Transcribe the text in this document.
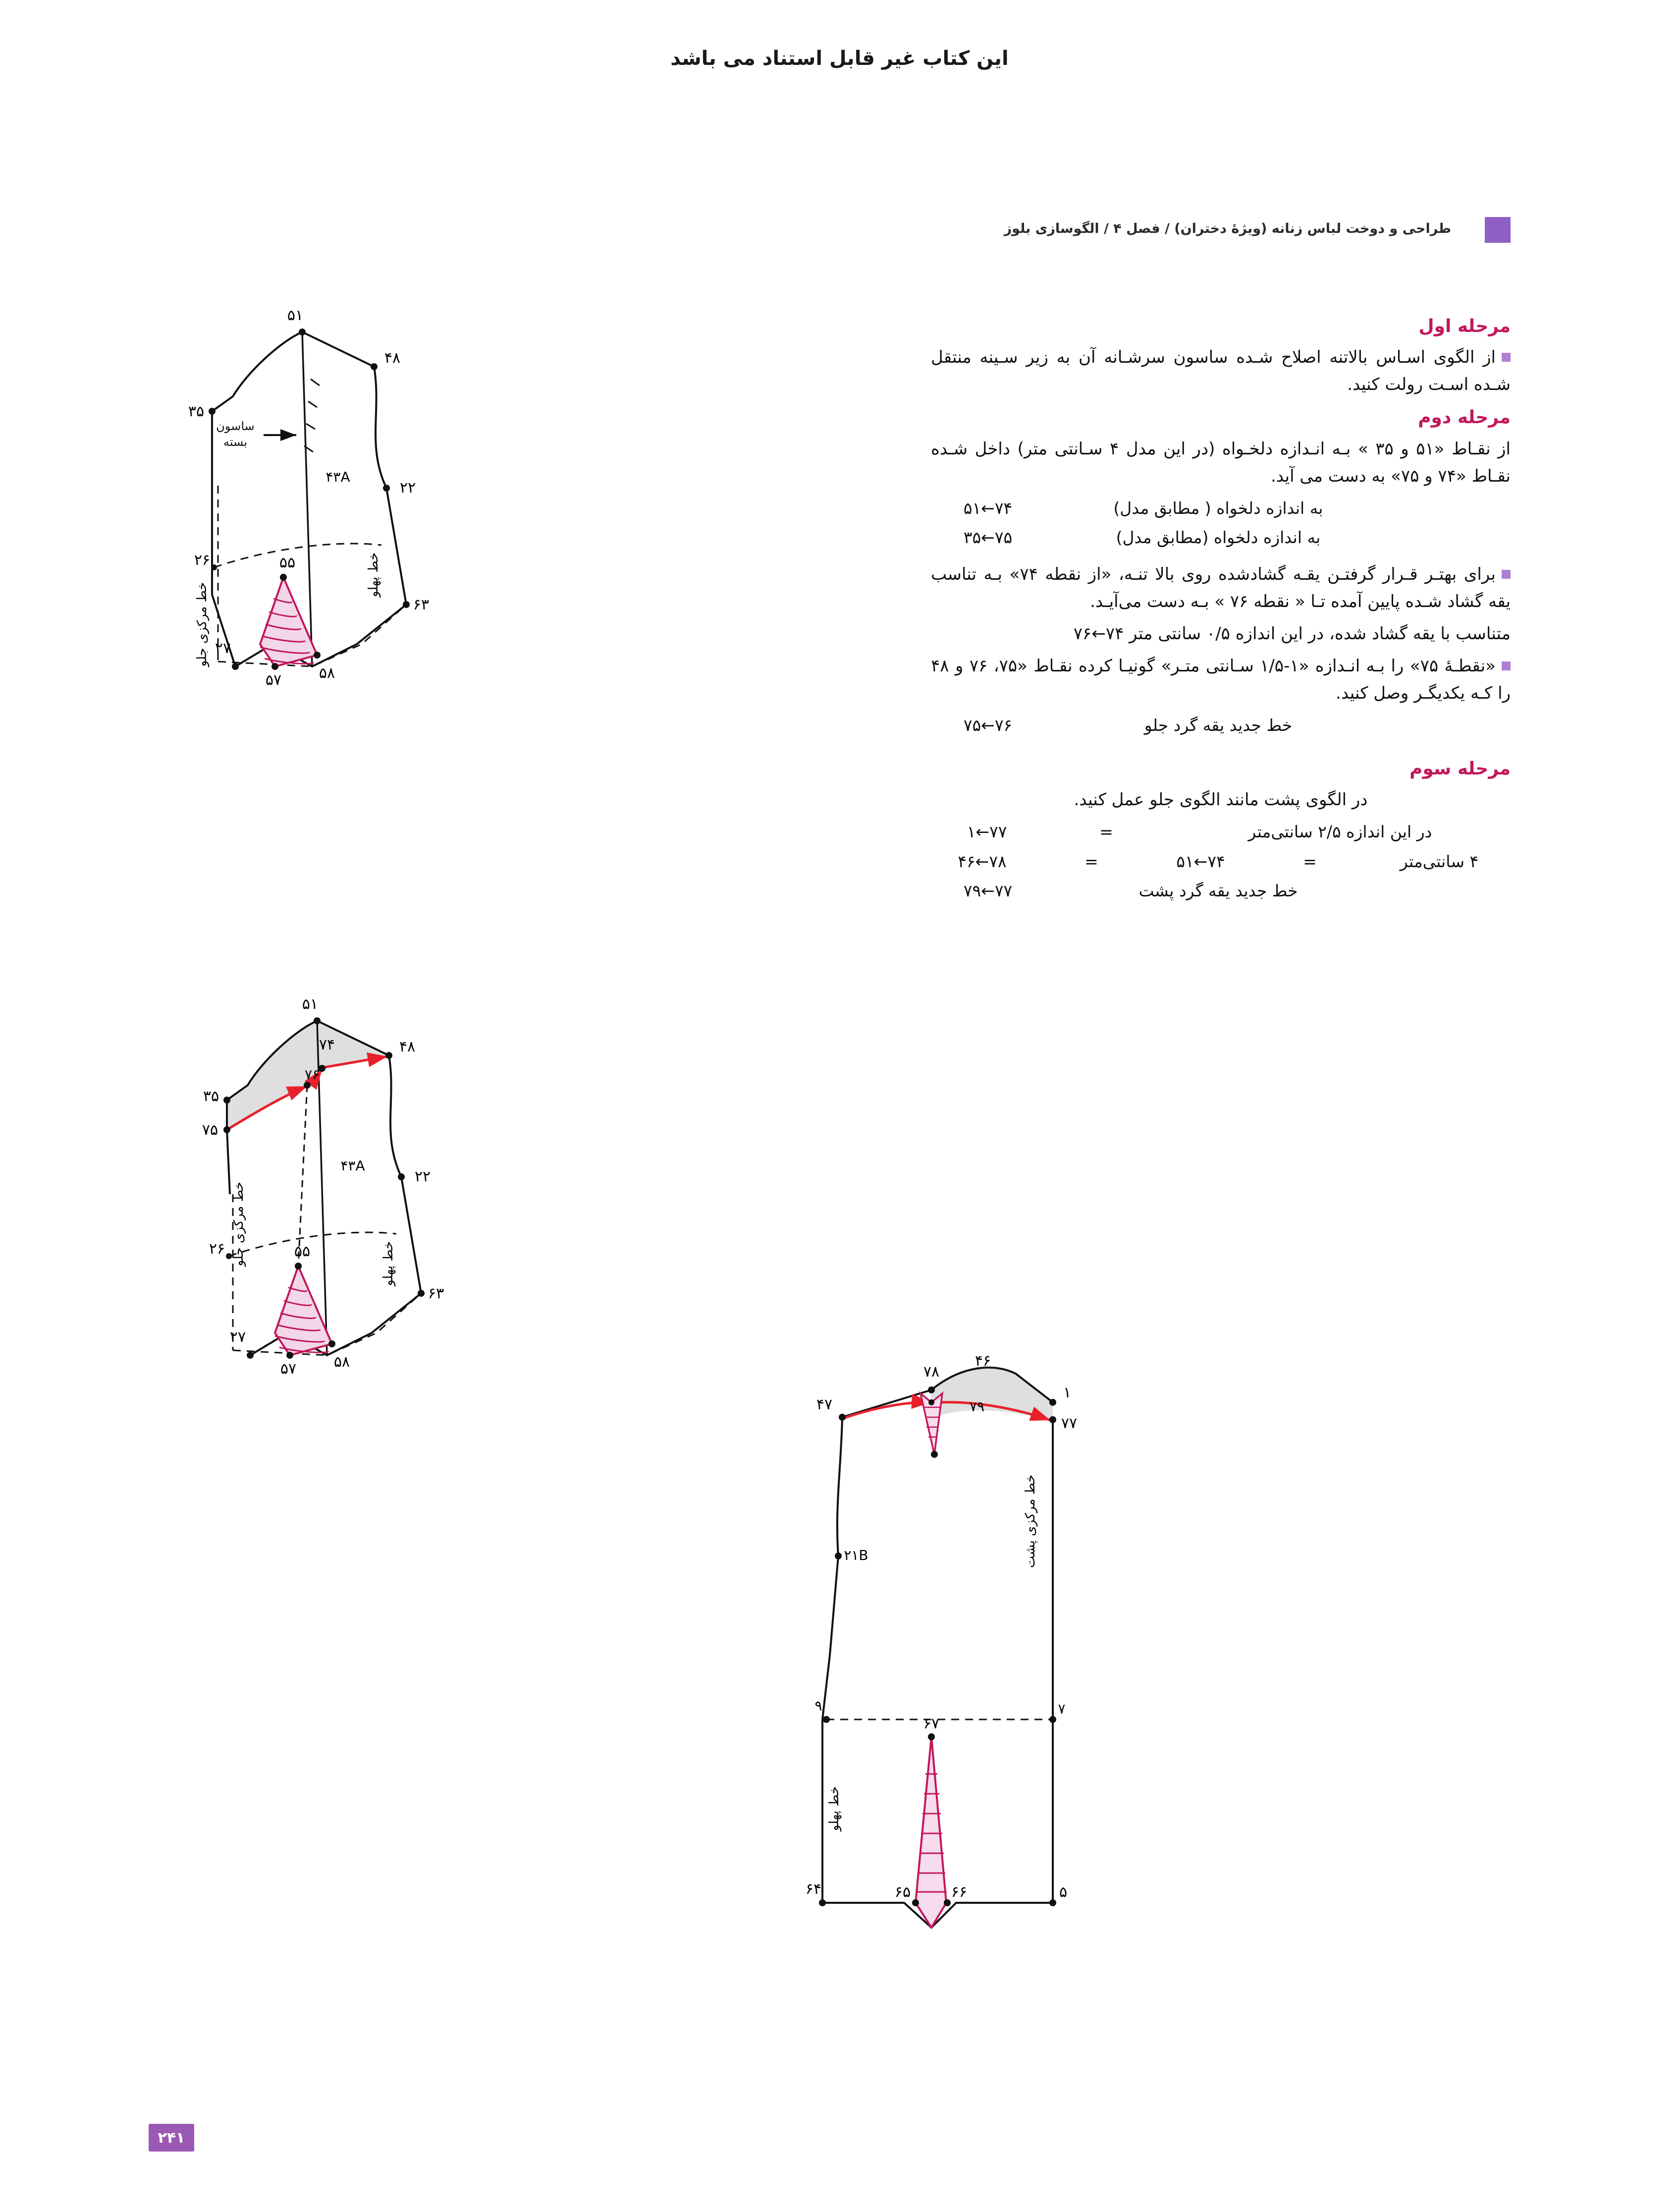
این کتاب غیر قابل استناد می باشد
طراحی و دوخت لباس زنانه (ویژهٔ دختران) / فصل ۴ / الگوسازی بلوز
مرحله اول

از الگوی اسـاس بالاتنه اصلاح شـده ساسون سرشـانه آن به زیر سـینه منتقل شـده اسـت رولت کنید.

مرحله دوم

از نقـاط «۵۱ و ۳۵ » بـه انـدازه دلخـواه (در این مدل ۴ سـانتی متر) داخل شـده نقـاط «۷۴ و ۷۵» به دست می آید.

۵۱←۷۴	به اندازه دلخواه ( مطابق مدل)
۳۵←۷۵	به اندازه دلخواه (مطابق مدل)

برای بهتـر قـرار گرفتـن یقـه گشادشده روی بالا تنـه، «از نقطه ۷۴» بـه تناسب یقه گشاد شـده پایین آمده تـا « نقطه ۷۶ » بـه دست می‌آیـد.

متناسب با یقه گشاد شده، در این اندازه ۰/۵ سانتی متر ۷۴←۷۶

«نقطـهٔ ۷۵» را بـه انـدازه «۱-۱/۵ سـانتی متـر» گونیـا کرده نقـاط «۷۵، ۷۶ و ۴۸ را کـه یکدیگـر وصل کنید.

۷۵←۷۶	خط جدید یقه گرد جلو
مرحله سوم

در الگوی پشت مانند الگوی جلو عمل کنید.

۱←۷۷	=	در این اندازه ۲/۵ سانتی‌متر
۴۶←۷۸	=	۵۱←۷۴	=	۴ سانتی‌متر
۷۹←۷۷	خط جدید یقه گرد پشت
ساسون
بسته
۵۱
۴۸
۳۵
۲۲
۴۳A
۲۶	۵۵
۶۳
۲۷
۵۷	۵۸
خط مرکزی جلو
خط پهلو
۵۱
۷۴
۷۶
۴۸
۳۵
۷۵
۲۲
۴۳A
۲۶	۵۵
۶۳
۲۷
۵۷	۵۸
خط مرکزی جلو	خط پهلو
۷۸
۴۶
۴۷	۷۹
۱
۷۷
۲۱B
۹	۷
۶۷
۶۴	۶۵	۶۶	۵
خط مرکزی پشت
خط پهلو
۲۴۱
